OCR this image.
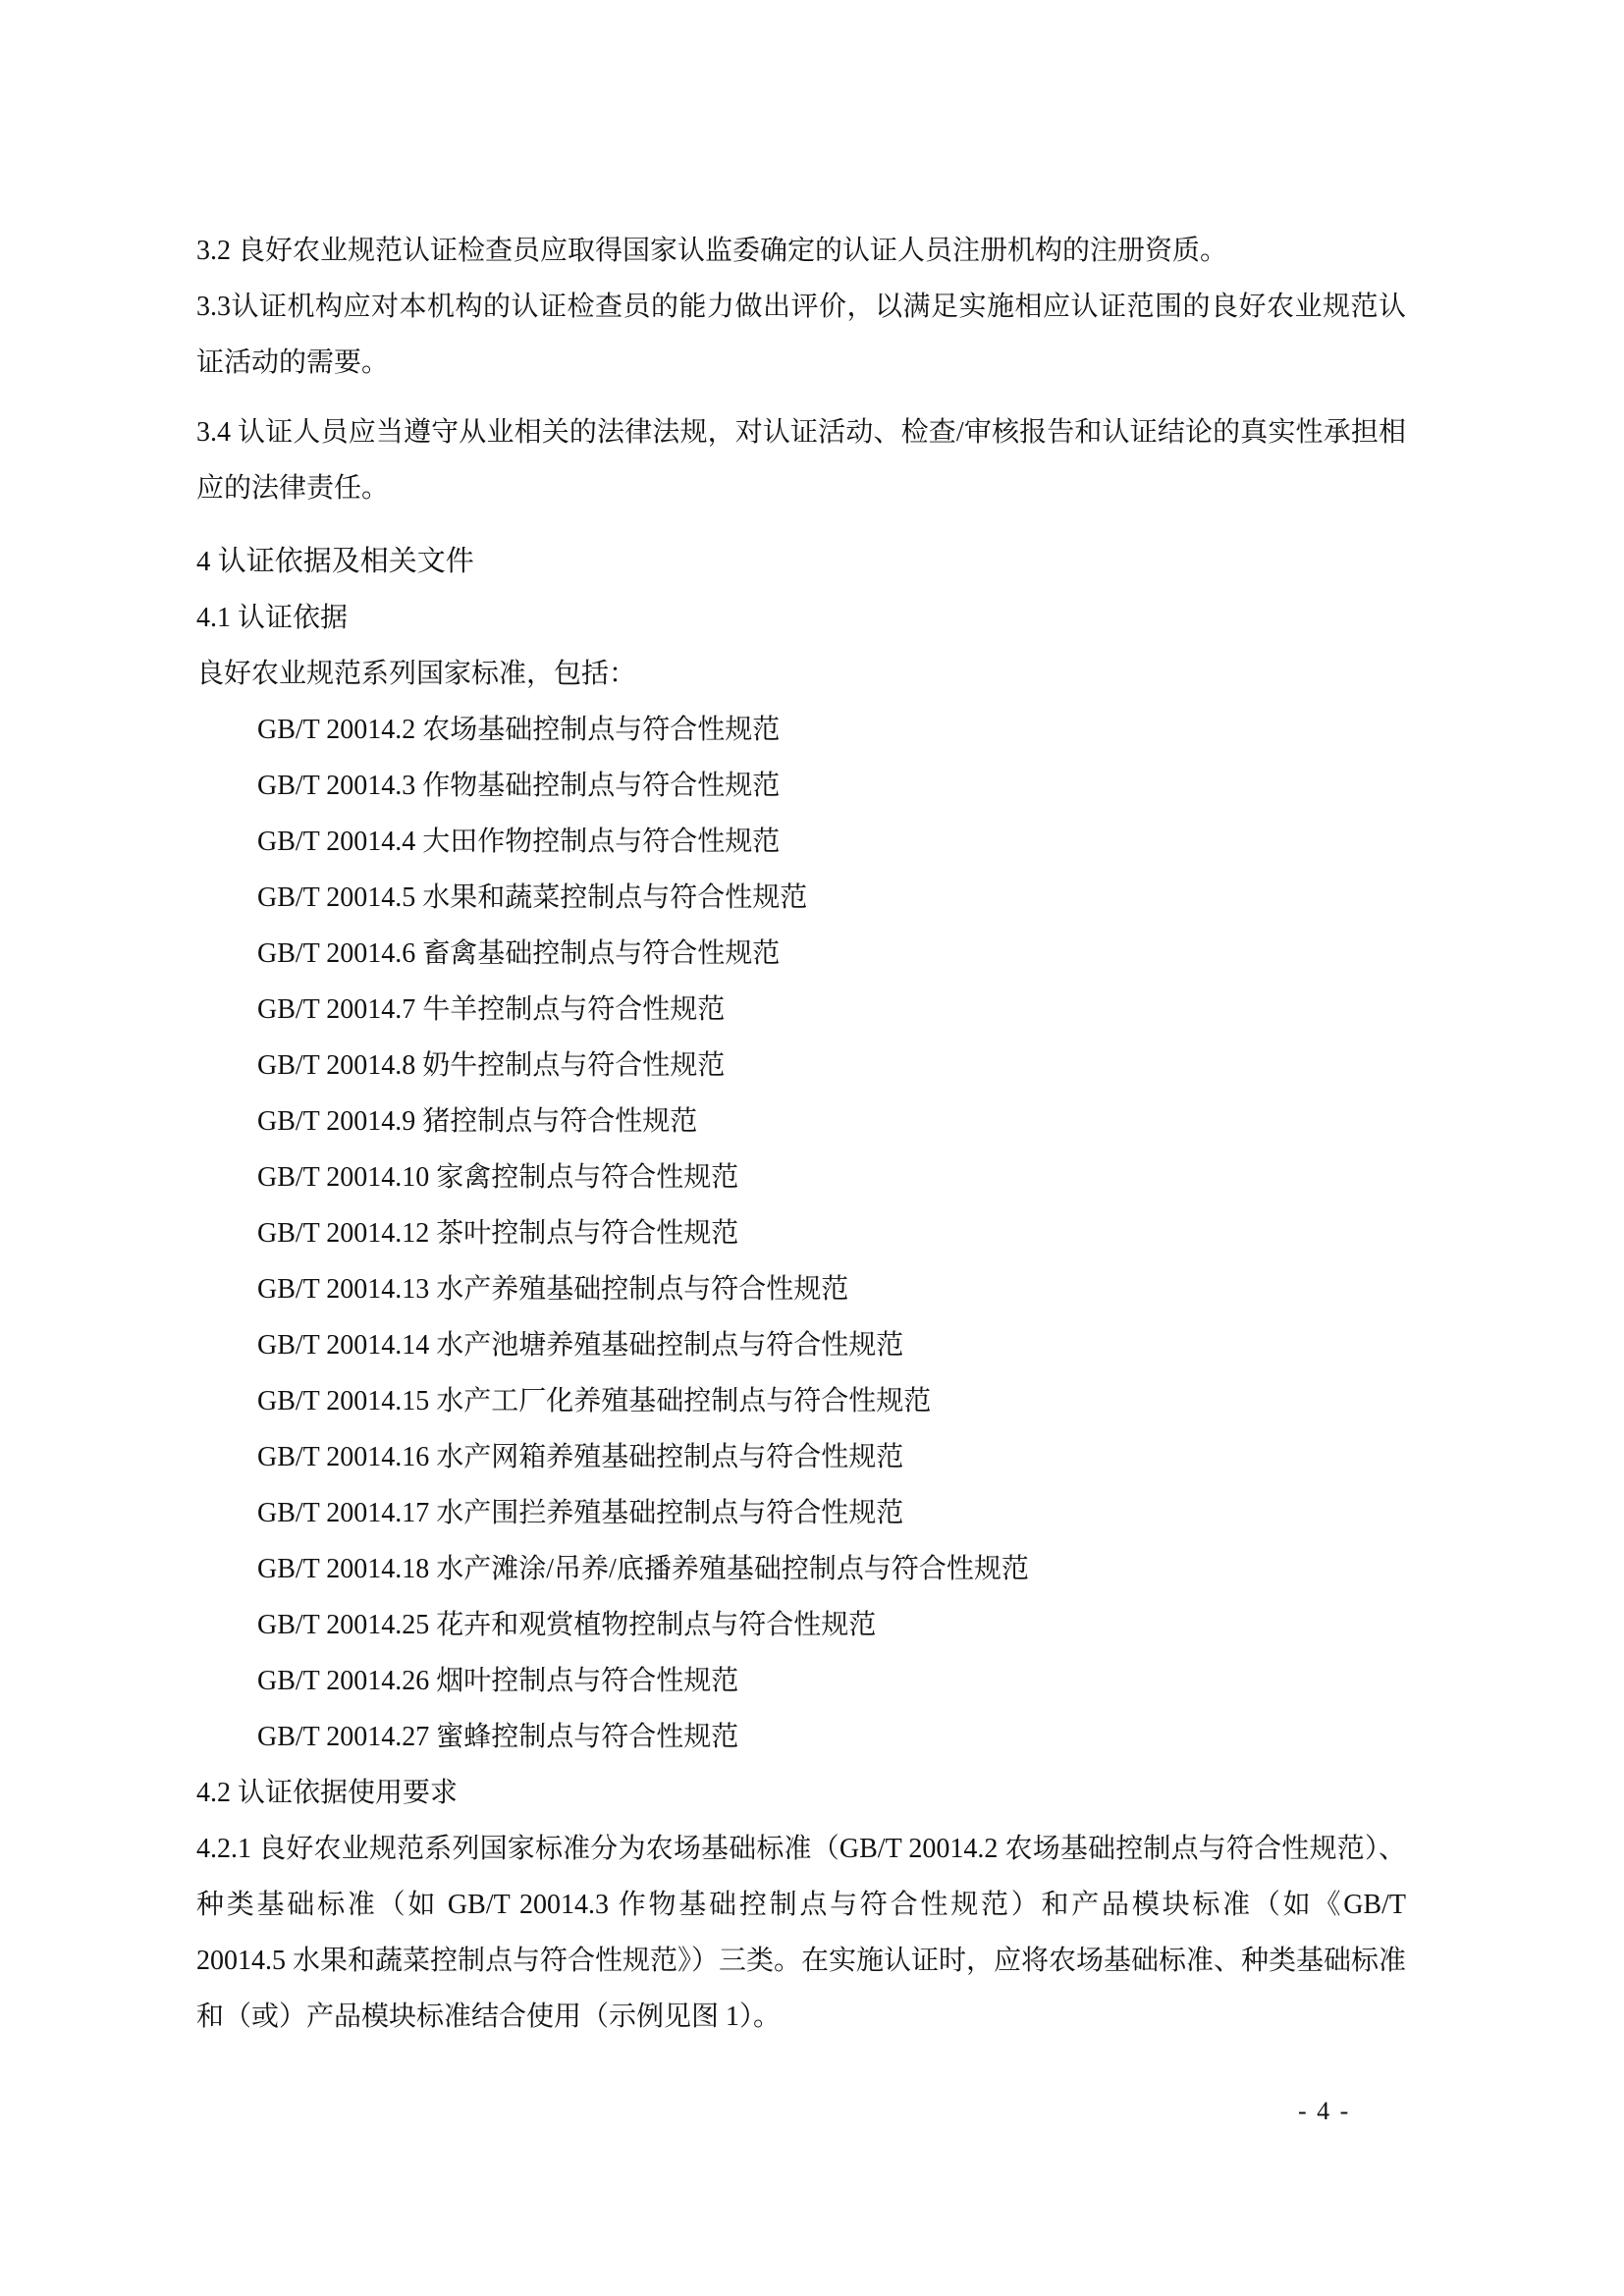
3.2 良好农业规范认证检查员应取得国家认监委确定的认证人员注册机构的注册资质。

3.3认证机构应对本机构的认证检查员的能力做出评价，以满足实施相应认证范围的良好农业规范认证活动的需要。

3.4 认证人员应当遵守从业相关的法律法规，对认证活动、检查/审核报告和认证结论的真实性承担相应的法律责任。

4 认证依据及相关文件

4.1 认证依据

良好农业规范系列国家标准，包括：

GB/T 20014.2 农场基础控制点与符合性规范

GB/T 20014.3 作物基础控制点与符合性规范

GB/T 20014.4 大田作物控制点与符合性规范

GB/T 20014.5 水果和蔬菜控制点与符合性规范

GB/T 20014.6 畜禽基础控制点与符合性规范

GB/T 20014.7 牛羊控制点与符合性规范

GB/T 20014.8 奶牛控制点与符合性规范

GB/T 20014.9 猪控制点与符合性规范

GB/T 20014.10 家禽控制点与符合性规范

GB/T 20014.12 茶叶控制点与符合性规范

GB/T 20014.13 水产养殖基础控制点与符合性规范

GB/T 20014.14 水产池塘养殖基础控制点与符合性规范

GB/T 20014.15 水产工厂化养殖基础控制点与符合性规范

GB/T 20014.16 水产网箱养殖基础控制点与符合性规范

GB/T 20014.17 水产围拦养殖基础控制点与符合性规范

GB/T 20014.18 水产滩涂/吊养/底播养殖基础控制点与符合性规范

GB/T 20014.25 花卉和观赏植物控制点与符合性规范

GB/T 20014.26 烟叶控制点与符合性规范

GB/T 20014.27 蜜蜂控制点与符合性规范

4.2 认证依据使用要求

4.2.1 良好农业规范系列国家标准分为农场基础标准（GB/T 20014.2 农场基础控制点与符合性规范）、种类基础标准（如 GB/T 20014.3 作物基础控制点与符合性规范）和产品模块标准（如《GB/T 20014.5 水果和蔬菜控制点与符合性规范》）三类。在实施认证时，应将农场基础标准、种类基础标准和（或）产品模块标准结合使用（示例见图 1）。

- 4 -
